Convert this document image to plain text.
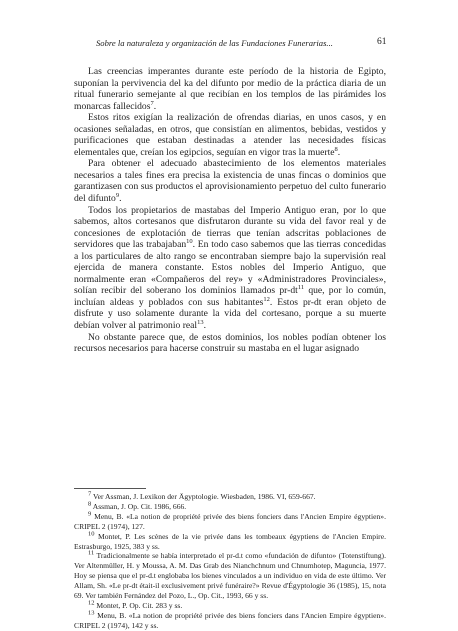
Sobre la naturaleza y organización de las Fundaciones Funerarias...	61

Las creencias imperantes durante este período de la historia de Egipto, suponían la pervivencia del ka del difunto por medio de la práctica diaria de un ritual funerario semejante al que recibían en los templos de las pirámides los monarcas fallecidos$^7$.

Estos ritos exigían la realización de ofrendas diarias, en unos casos, y en ocasiones señaladas, en otros, que consistían en alimentos, bebidas, vestidos y purificaciones que estaban destinadas a atender las necesidades físicas elementales que, creían los egipcios, seguían en vigor tras la muerte$^8$.

Para obtener el adecuado abastecimiento de los elementos materiales necesarios a tales fines era precisa la existencia de unas fincas o dominios que garantizasen con sus productos el aprovisionamiento perpetuo del culto funerario del difunto$^9$.

Todos los propietarios de mastabas del Imperio Antiguo eran, por lo que sabemos, altos cortesanos que disfrutaron durante su vida del favor real y de concesiones de explotación de tierras que tenían adscritas poblaciones de servidores que las trabajaban$^{10}$. En todo caso sabemos que las tierras concedidas a los particulares de alto rango se encontraban siempre bajo la supervisión real ejercida de manera constante. Estos nobles del Imperio Antiguo, que normalmente eran «Compañeros del rey» y «Administradores Provinciales», solían recibir del soberano los dominios llamados $pr-dt^{11}$ que, por lo común, incluían aldeas y poblados con sus habitantes$^{12}$. Estos pr-dt eran objeto de disfrute y uso solamente durante la vida del cortesano, porque a su muerte debían volver al patrimonio real$^{13}$.

No obstante parece que, de estos dominios, los nobles podían obtener los recursos necesarios para hacerse construir su mastaba en el lugar asignado

$^7$ Ver Assman, J. Lexikon der Ägyptologie. Wiesbaden, 1986. VI, 659-667.

$^8$ Assman, J. Op. Cit. 1986, 666.

$^9$ Menu, B. «La notion de propriété privée des biens fonciers dans l'Ancien Empire égyptien». CRIPEL 2 (1974), 127.

$^{10}$ Montet, P. Les scènes de la vie privée dans les tombeaux égyptiens de l'Ancien Empire. Estrasburgo, 1925, 383 y ss.

$^{11}$ Tradicionalmente se había interpretado el pr-d.t como «fundación de difunto» (Totenstiftung). Ver Altenmüller, H. y Moussa, A. M. Das Grab des Nianchchnum und Chnumhotep, Maguncia, 1977. Hoy se piensa que el pr-d.t englobaba los bienes vinculados a un individuo en vida de este último. Ver Allam, Sh. «Le pr-dt était-il exclusivement privé funéraire?» Revue d'Égyptologie 36 (1985), 15, nota 69. Ver también Fernández del Pozo, L., Op. Cit., 1993, 66 y ss.

$^{12}$ Montet, P. Op. Cit. 283 y ss.

$^{13}$ Menu, B. «La notion de propriété privée des biens fonciers dans l'Ancien Empire égyptien». CRIPEL 2 (1974), 142 y ss.
